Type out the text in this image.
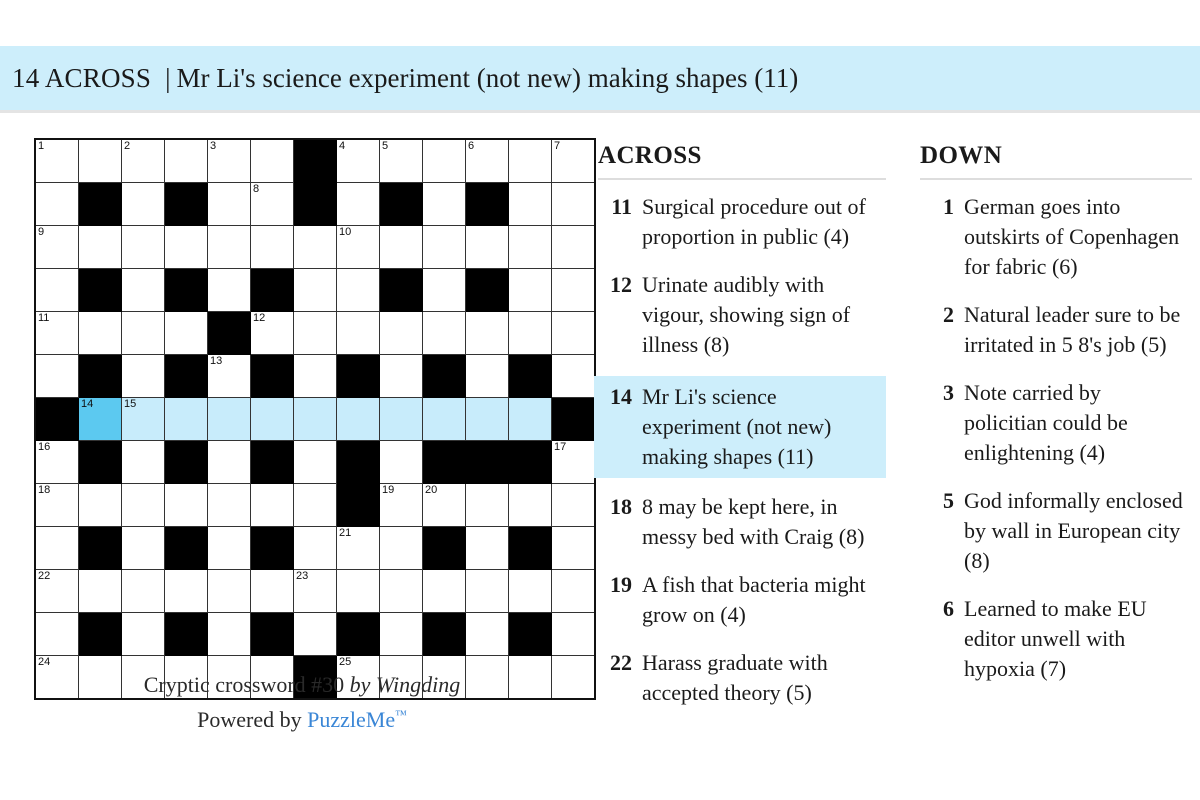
14 ACROSS | Mr Li's science experiment (not new) making shapes (11)
1		2		3			4	5		6		7

					8							

9							10					

11					12							

				13								

	14	15										

16												17

18								19	20			

							21					

22						23						

24							25					

Cryptic crossword #30 by Wingding
Powered by PuzzleMe™
ACROSS
11 Surgical procedure out of proportion in public (4)
12 Urinate audibly with vigour, showing sign of illness (8)
14 Mr Li's science experiment (not new) making shapes (11)
18 8 may be kept here, in messy bed with Craig (8)
19 A fish that bacteria might grow on (4)
22 Harass graduate with accepted theory (5)
DOWN
1 German goes into outskirts of Copenhagen for fabric (6)
2 Natural leader sure to be irritated in 5 8's job (5)
3 Note carried by policitian could be enlightening (4)
5 God informally enclosed by wall in European city (8)
6 Learned to make EU editor unwell with hypoxia (7)
